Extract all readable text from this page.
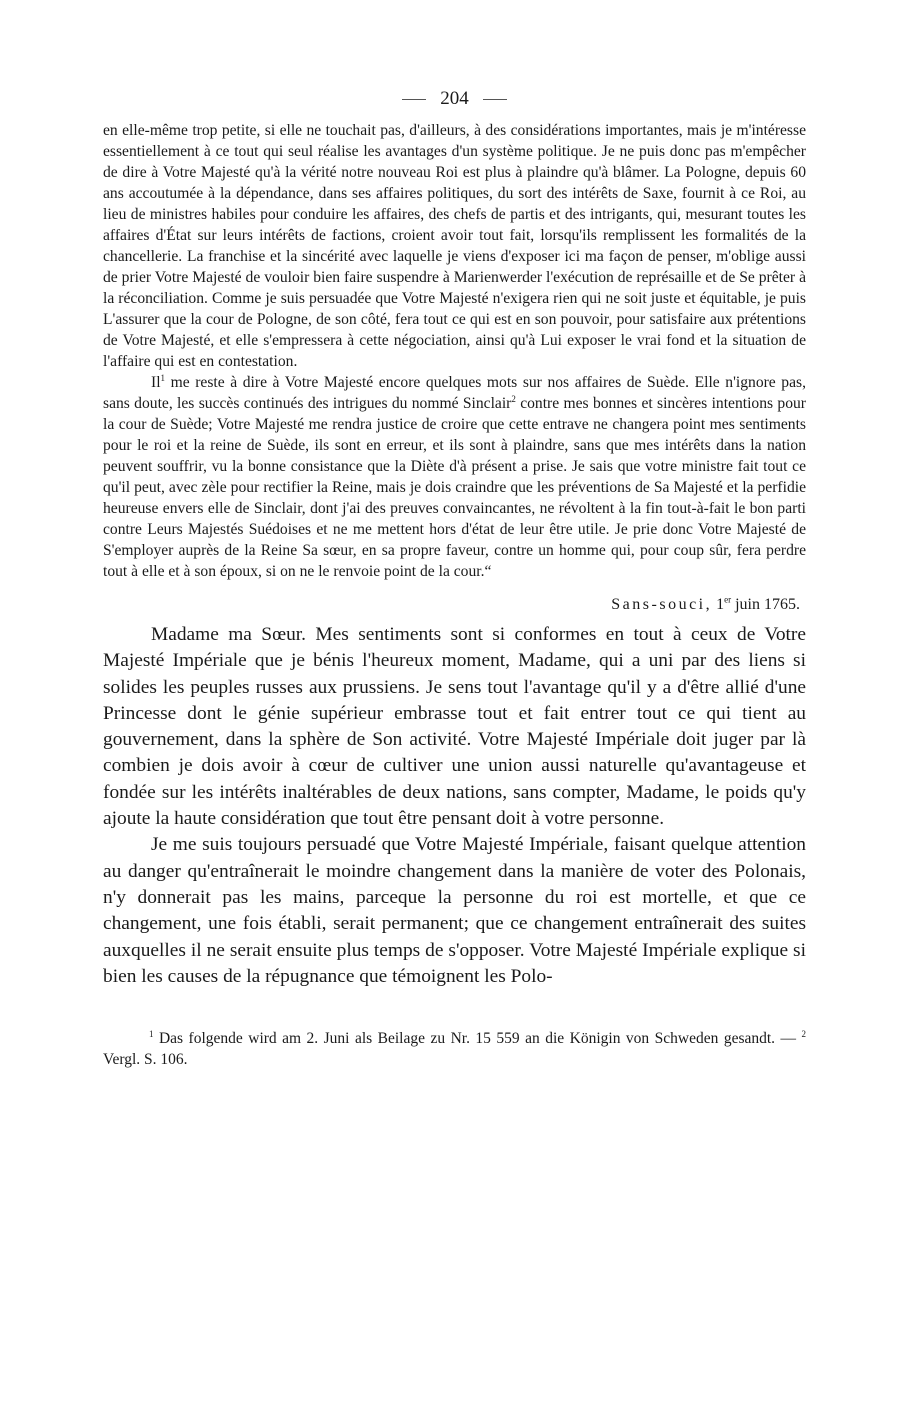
204

en elle-même trop petite, si elle ne touchait pas, d'ailleurs, à des considérations importantes, mais je m'intéresse essentiellement à ce tout qui seul réalise les avantages d'un système politique. Je ne puis donc pas m'empêcher de dire à Votre Majesté qu'à la vérité notre nouveau Roi est plus à plaindre qu'à blâmer. La Pologne, depuis 60 ans accoutumée à la dépendance, dans ses affaires politiques, du sort des intérêts de Saxe, fournit à ce Roi, au lieu de ministres habiles pour conduire les affaires, des chefs de partis et des intrigants, qui, mesurant toutes les affaires d'État sur leurs intérêts de factions, croient avoir tout fait, lorsqu'ils remplissent les formalités de la chancellerie. La franchise et la sincérité avec laquelle je viens d'exposer ici ma façon de penser, m'oblige aussi de prier Votre Majesté de vouloir bien faire suspendre à Marienwerder l'exécution de représaille et de Se prêter à la réconciliation. Comme je suis persuadée que Votre Majesté n'exigera rien qui ne soit juste et équitable, je puis L'assurer que la cour de Pologne, de son côté, fera tout ce qui est en son pouvoir, pour satisfaire aux prétentions de Votre Majesté, et elle s'empressera à cette négociation, ainsi qu'à Lui exposer le vrai fond et la situation de l'affaire qui est en contestation.

Il$^1$ me reste à dire à Votre Majesté encore quelques mots sur nos affaires de Suède. Elle n'ignore pas, sans doute, les succès continués des intrigues du nommé Sinclair$^2$ contre mes bonnes et sincères intentions pour la cour de Suède; Votre Majesté me rendra justice de croire que cette entrave ne changera point mes sentiments pour le roi et la reine de Suède, ils sont en erreur, et ils sont à plaindre, sans que mes intérêts dans la nation peuvent souffrir, vu la bonne consistance que la Diète d'à présent a prise. Je sais que votre ministre fait tout ce qu'il peut, avec zèle pour rectifier la Reine, mais je dois craindre que les préventions de Sa Majesté et la perfidie heureuse envers elle de Sinclair, dont j'ai des preuves convaincantes, ne révoltent à la fin tout-à-fait le bon parti contre Leurs Majestés Suédoises et ne me mettent hors d'état de leur être utile. Je prie donc Votre Majesté de S'employer auprès de la Reine Sa sœur, en sa propre faveur, contre un homme qui, pour coup sûr, fera perdre tout à elle et à son époux, si on ne le renvoie point de la cour.“

Sans-souci, 1er juin 1765.

Madame ma Sœur. Mes sentiments sont si conformes en tout à ceux de Votre Majesté Impériale que je bénis l'heureux moment, Madame, qui a uni par des liens si solides les peuples russes aux prussiens. Je sens tout l'avantage qu'il y a d'être allié d'une Princesse dont le génie supérieur embrasse tout et fait entrer tout ce qui tient au gouvernement, dans la sphère de Son activité. Votre Majesté Impériale doit juger par là combien je dois avoir à cœur de cultiver une union aussi naturelle qu'avantageuse et fondée sur les intérêts inaltérables de deux nations, sans compter, Madame, le poids qu'y ajoute la haute considération que tout être pensant doit à votre personne.

Je me suis toujours persuadé que Votre Majesté Impériale, faisant quelque attention au danger qu'entraînerait le moindre changement dans la manière de voter des Polonais, n'y donnerait pas les mains, parceque la personne du roi est mortelle, et que ce changement, une fois établi, serait permanent; que ce changement entraînerait des suites auxquelles il ne serait ensuite plus temps de s'opposer. Votre Majesté Impériale explique si bien les causes de la répugnance que témoignent les Polo-

$^1$ Das folgende wird am 2. Juni als Beilage zu Nr. 15 559 an die Königin von Schweden gesandt. — $^2$ Vergl. S. 106.
